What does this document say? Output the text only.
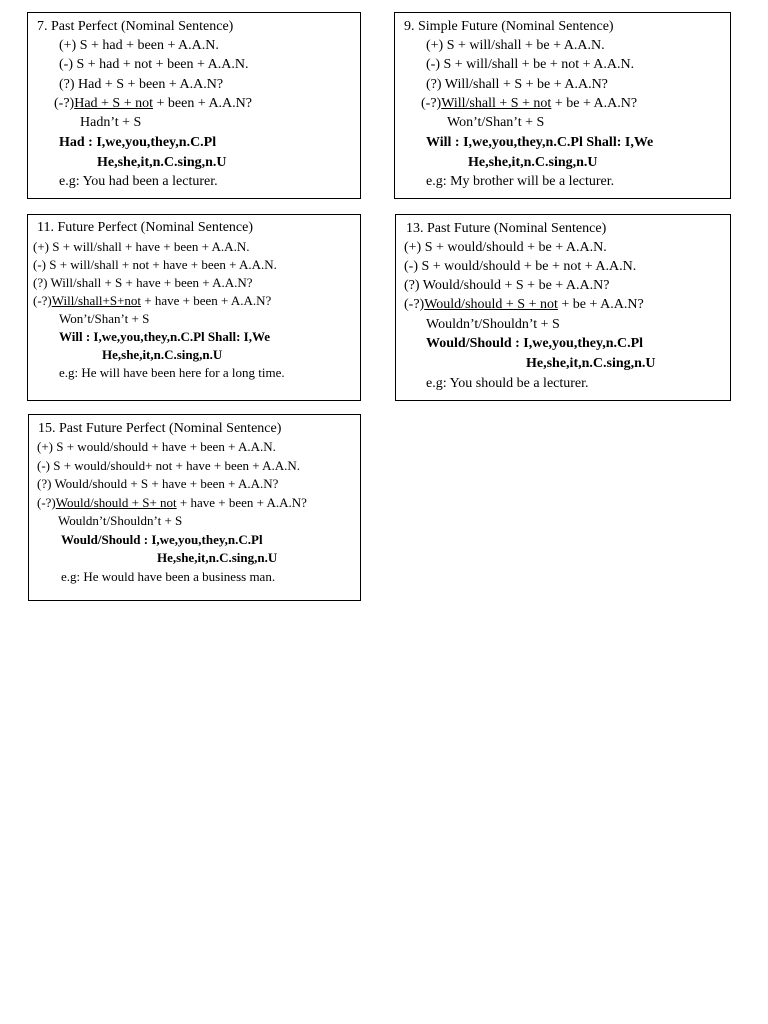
7. Past Perfect (Nominal Sentence)
(+) S + had + been + A.A.N.
(-) S + had + not + been + A.A.N.
(?) Had + S + been + A.A.N?
(-?)Had + S + not + been + A.A.N?
Hadn’t + S
Had : I,we,you,they,n.C.Pl
He,she,it,n.C.sing,n.U
e.g: You had been a lecturer.
9. Simple Future (Nominal Sentence)
(+) S + will/shall + be + A.A.N.
(-) S + will/shall + be + not + A.A.N.
(?) Will/shall + S + be + A.A.N?
(-?)Will/shall + S + not + be + A.A.N?
Won’t/Shan’t + S
Will : I,we,you,they,n.C.Pl Shall: I,We
He,she,it,n.C.sing,n.U
e.g: My brother will be a lecturer.
11. Future Perfect (Nominal Sentence)
(+) S + will/shall + have + been + A.A.N.
(-) S + will/shall + not + have + been + A.A.N.
(?) Will/shall + S + have + been + A.A.N?
(-?)Will/shall+S+not + have + been + A.A.N?
Won’t/Shan’t + S
Will : I,we,you,they,n.C.Pl Shall: I,We
He,she,it,n.C.sing,n.U
e.g: He will have been here for a long time.
13. Past Future (Nominal Sentence)
(+) S + would/should + be + A.A.N.
(-) S + would/should + be + not + A.A.N.
(?) Would/should + S + be + A.A.N?
(-?)Would/should + S + not + be + A.A.N?
Wouldn’t/Shouldn’t + S
Would/Should : I,we,you,they,n.C.Pl
He,she,it,n.C.sing,n.U
e.g: You should be a lecturer.
15. Past Future Perfect (Nominal Sentence)
(+) S + would/should + have + been + A.A.N.
(-) S + would/should+ not + have + been + A.A.N.
(?) Would/should + S + have + been + A.A.N?
(-?)Would/should + S+ not + have + been + A.A.N?
Wouldn’t/Shouldn’t + S
Would/Should : I,we,you,they,n.C.Pl
He,she,it,n.C.sing,n.U
e.g: He would have been a business man.
